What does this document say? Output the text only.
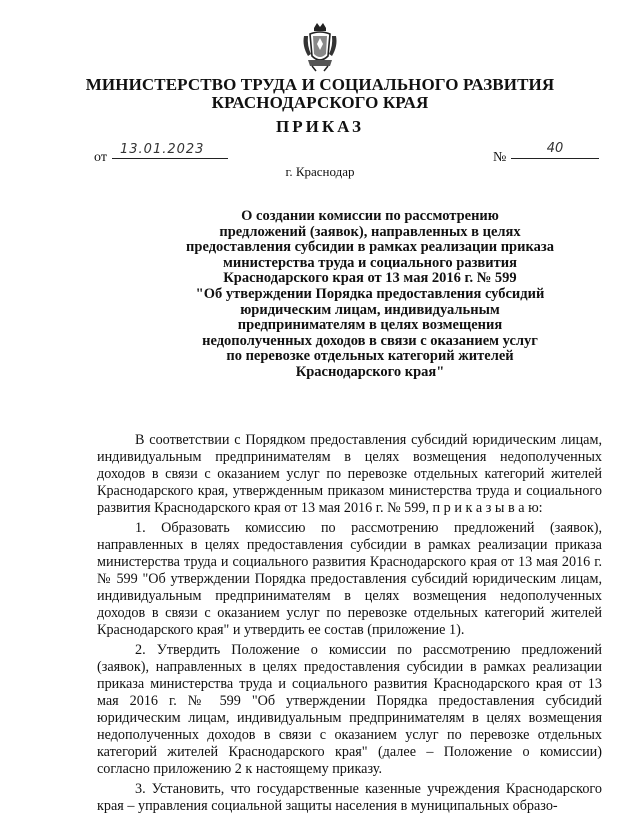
МИНИСТЕРСТВО ТРУДА И СОЦИАЛЬНОГО РАЗВИТИЯ
КРАСНОДАРСКОГО КРАЯ
ПРИКАЗ
от
13.01.2023
№
40
г. Краснодар
О создании комиссии по рассмотрению
предложений (заявок), направленных в целях
предоставления субсидии в рамках реализации приказа
министерства труда и социального развития
Краснодарского края от 13 мая 2016 г. № 599
"Об утверждении Порядка предоставления субсидий
юридическим лицам, индивидуальным
предпринимателям в целях возмещения
недополученных доходов в связи с оказанием услуг
по перевозке отдельных категорий жителей
Краснодарского края"

В соответствии с Порядком предоставления субсидий юридическим лицам, индивидуальным предпринимателям в целях возмещения недополученных доходов в связи с оказанием услуг по перевозке отдельных категорий жителей Краснодарского края, утвержденным приказом министерства труда и социального развития Краснодарского края от 13 мая 2016 г. № 599, п р и к а з ы в а ю:

1. Образовать комиссию по рассмотрению предложений (заявок), направленных в целях предоставления субсидии в рамках реализации приказа министерства труда и социального развития Краснодарского края от 13 мая 2016 г. № 599 "Об утверждении Порядка предоставления субсидий юридическим лицам, индивидуальным предпринимателям в целях возмещения недополученных доходов в связи с оказанием услуг по перевозке отдельных категорий жителей Краснодарского края" и утвердить ее состав (приложение 1).

2. Утвердить Положение о комиссии по рассмотрению предложений (заявок), направленных в целях предоставления субсидии в рамках реализации приказа министерства труда и социального развития Краснодарского края от 13 мая 2016 г. № 599 "Об утверждении Порядка предоставления субсидий юридическим лицам, индивидуальным предпринимателям в целях возмещения недополученных доходов в связи с оказанием услуг по перевозке отдельных категорий жителей Краснодарского края" (далее – Положение о комиссии) согласно приложению 2 к настоящему приказу.

3. Установить, что государственные казенные учреждения Краснодарского края – управления социальной защиты населения в муниципальных образо-
